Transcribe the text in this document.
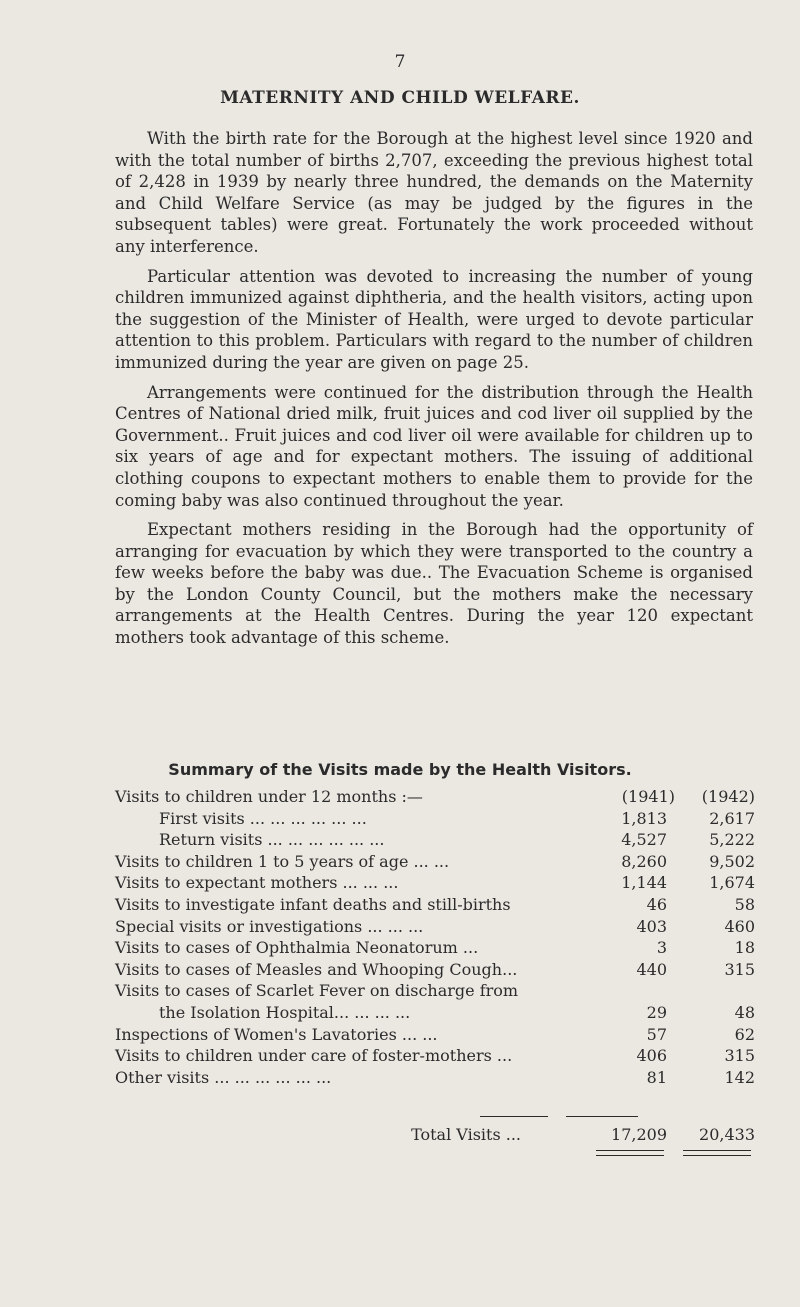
7
MATERNITY AND CHILD WELFARE.

With the birth rate for the Borough at the highest level since 1920 and with the total number of births 2,707, exceeding the previous highest total of 2,428 in 1939 by nearly three hundred, the demands on the Maternity and Child Welfare Service (as may be judged by the figures in the subsequent tables) were great. Fortunately the work proceeded without any interference.

Particular attention was devoted to increasing the number of young children immunized against diphtheria, and the health visitors, acting upon the suggestion of the Minister of Health, were urged to devote particular attention to this problem. Particulars with regard to the number of children immunized during the year are given on page 25.

Arrangements were continued for the distribution through the Health Centres of National dried milk, fruit juices and cod liver oil supplied by the Government.. Fruit juices and cod liver oil were available for children up to six years of age and for expectant mothers. The issuing of additional clothing coupons to expectant mothers to enable them to provide for the coming baby was also continued throughout the year.

Expectant mothers residing in the Borough had the opportunity of arranging for evacuation by which they were transported to the country a few weeks before the baby was due.. The Evacuation Scheme is organised by the London County Council, but the mothers make the necessary arrangements at the Health Centres. During the year 120 expectant mothers took advantage of this scheme.

Summary of the Visits made by the Health Visitors.
Visits to children under 12 months :—	(1941)	(1942)
First visits ... ... ... ... ... ...	1,813	2,617
Return visits ... ... ... ... ... ...	4,527	5,222
Visits to children 1 to 5 years of age ... ...	8,260	9,502
Visits to expectant mothers ... ... ...	1,144	1,674
Visits to investigate infant deaths and still-births	46	58
Special visits or investigations ... ... ...	403	460
Visits to cases of Ophthalmia Neonatorum ...	3	18
Visits to cases of Measles and Whooping Cough...	440	315
Visits to cases of Scarlet Fever on discharge from
the Isolation Hospital... ... ... ...	29	48
Inspections of Women's Lavatories ... ...	57	62
Visits to children under care of foster-mothers ...	406	315
Other visits ... ... ... ... ... ...	81	142
Total Visits ...	17,209	20,433
